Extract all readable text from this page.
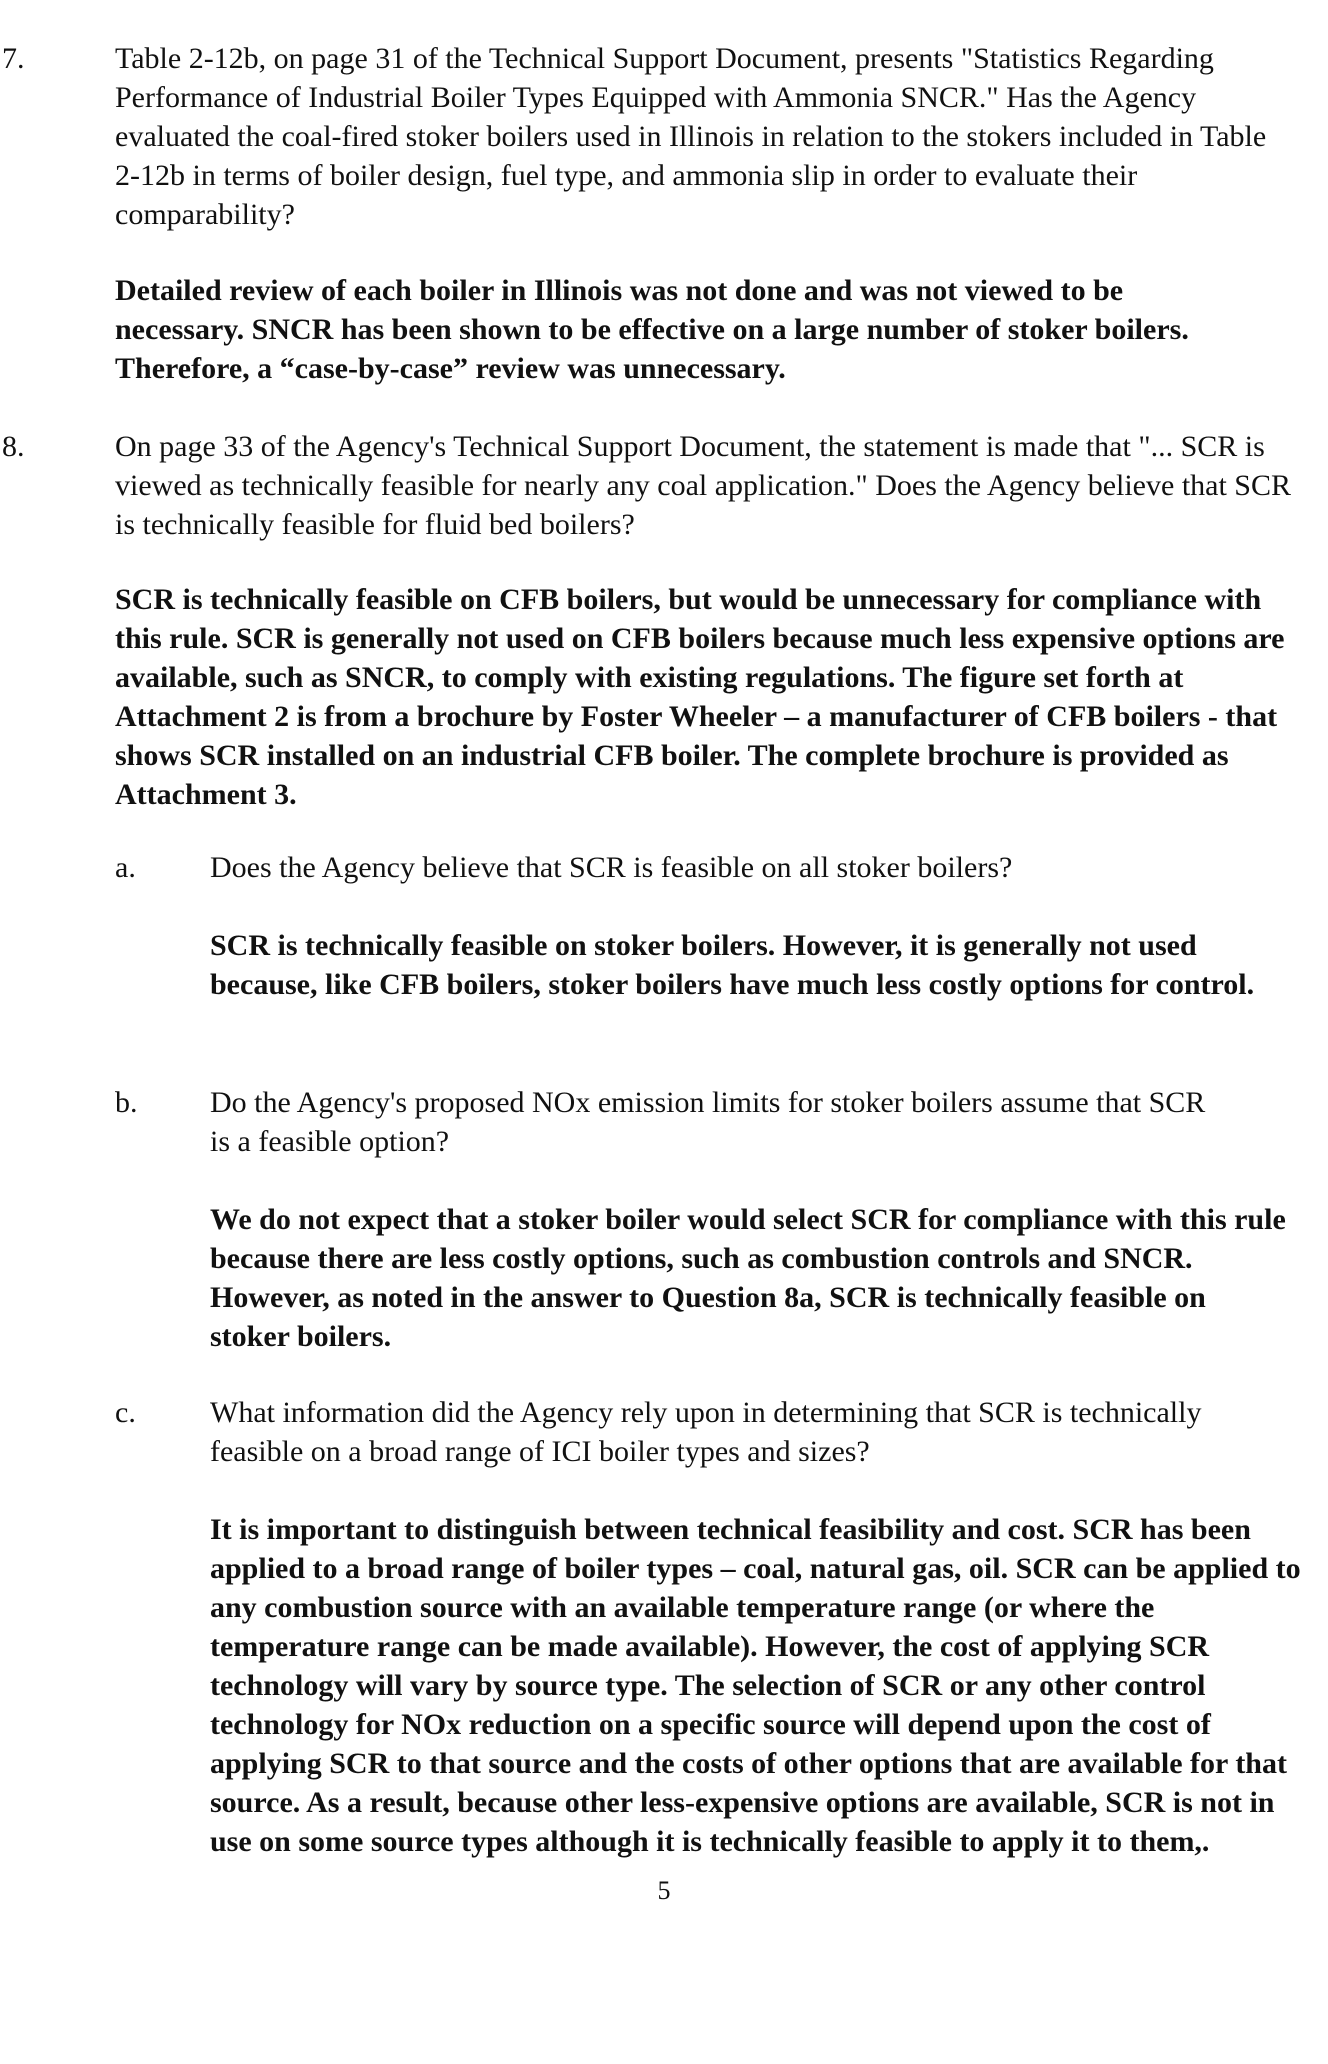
7.	Table 2-12b, on page 31 of the Technical Support Document, presents "Statistics Regarding Performance of Industrial Boiler Types Equipped with Ammonia SNCR." Has the Agency evaluated the coal-fired stoker boilers used in Illinois in relation to the stokers included in Table 2-12b in terms of boiler design, fuel type, and ammonia slip in order to evaluate their comparability?

Detailed review of each boiler in Illinois was not done and was not viewed to be necessary. SNCR has been shown to be effective on a large number of stoker boilers. Therefore, a “case-by-case” review was unnecessary.

8.	On page 33 of the Agency's Technical Support Document, the statement is made that "... SCR is viewed as technically feasible for nearly any coal application." Does the Agency believe that SCR is technically feasible for fluid bed boilers?

SCR is technically feasible on CFB boilers, but would be unnecessary for compliance with this rule. SCR is generally not used on CFB boilers because much less expensive options are available, such as SNCR, to comply with existing regulations. The figure set forth at Attachment 2 is from a brochure by Foster Wheeler – a manufacturer of CFB boilers - that shows SCR installed on an industrial CFB boiler. The complete brochure is provided as Attachment 3.

a. Does the Agency believe that SCR is feasible on all stoker boilers?

SCR is technically feasible on stoker boilers. However, it is generally not used because, like CFB boilers, stoker boilers have much less costly options for control.

b. Do the Agency's proposed NOx emission limits for stoker boilers assume that SCR is a feasible option?

We do not expect that a stoker boiler would select SCR for compliance with this rule because there are less costly options, such as combustion controls and SNCR. However, as noted in the answer to Question 8a, SCR is technically feasible on stoker boilers.

c. What information did the Agency rely upon in determining that SCR is technically feasible on a broad range of ICI boiler types and sizes?

It is important to distinguish between technical feasibility and cost. SCR has been applied to a broad range of boiler types – coal, natural gas, oil. SCR can be applied to any combustion source with an available temperature range (or where the temperature range can be made available). However, the cost of applying SCR technology will vary by source type. The selection of SCR or any other control technology for NOx reduction on a specific source will depend upon the cost of applying SCR to that source and the costs of other options that are available for that source. As a result, because other less-expensive options are available, SCR is not in use on some source types although it is technically feasible to apply it to them,.

5
